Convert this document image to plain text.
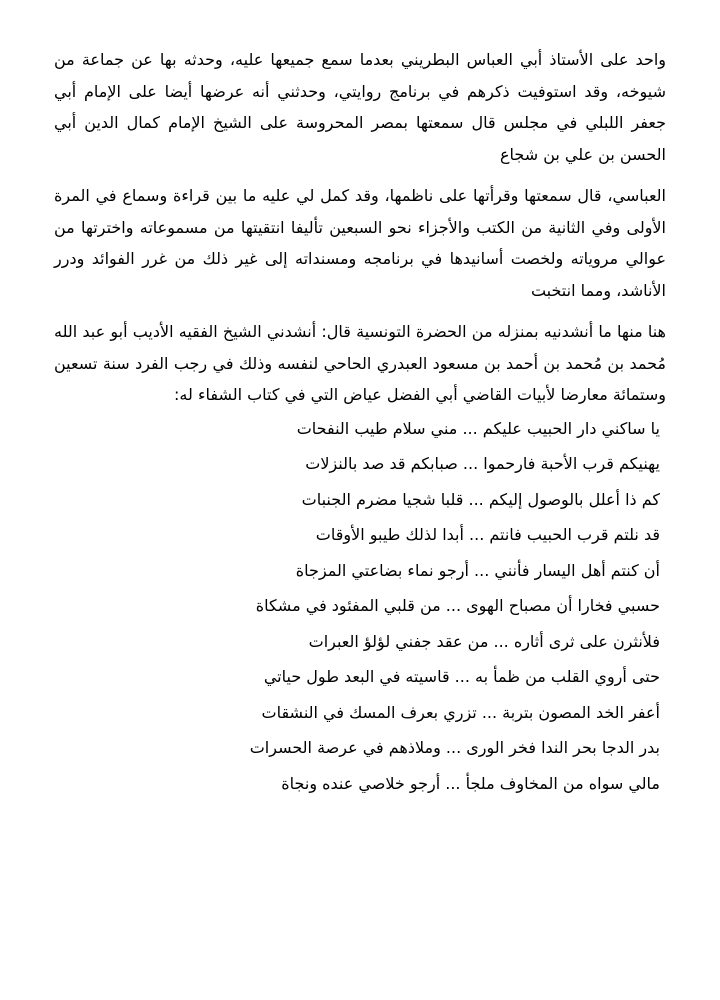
واحد على الأستاذ أبي العباس البطريني بعدما سمع جميعها عليه، وحدثه بها عن جماعة من شيوخه، وقد استوفيت ذكرهم في برنامج روايتي، وحدثني أنه عرضها أيضا على الإمام أبي جعفر اللبلي في مجلس قال سمعتها بمصر المحروسة على الشيخ الإمام كمال الدين أبي الحسن بن علي بن شجاع

العباسي، قال سمعتها وقرأتها على ناظمها، وقد كمل لي عليه ما بين قراءة وسماع في المرة الأولى وفي الثانية من الكتب والأجزاء نحو السبعين تأليفا انتقيتها من مسموعاته واخترتها من عوالي مروياته ولخصت أسانيدها في برنامجه ومسنداته إلى غير ذلك من غرر الفوائد ودرر الأناشد، ومما انتخبت

هنا منها ما أنشدنيه بمنزله من الحضرة التونسية قال: أنشدني الشيخ الفقيه الأديب أبو عبد الله مُحمد بن مُحمد بن أحمد بن مسعود العبدري الحاحي لنفسه وذلك في رجب الفرد سنة تسعين وستمائة معارضا لأبيات القاضي أبي الفضل عياض التي في كتاب الشفاء له:

يا ساكني دار الحبيب عليكم ... مني سلام طيب النفحات
يهنيكم قرب الأحبة فارحموا ... صبابكم قد صد بالنزلات
كم ذا أعلل بالوصول إليكم ... قلبا شجيا مضرم الجنبات
قد نلتم قرب الحبيب فانتم ... أبدا لذلك طيبو الأوقات
أن كنتم أهل اليسار فأنني ... أرجو نماء بضاعتي المزجاة
حسبي فخارا أن مصباح الهوى ... من قلبي المفئود في مشكاة
فلأنثرن على ثرى أثاره ... من عقد جفني لؤلؤ العبرات
حتى أروي القلب من ظمأ به ... قاسيته في البعد طول حياتي
أعفر الخد المصون بتربة ... تزري بعرف المسك في النشقات
بدر الدجا بحر الندا فخر الورى ... وملاذهم في عرصة الحسرات
مالي سواه من المخاوف ملجأ ... أرجو خلاصي عنده ونجاة
